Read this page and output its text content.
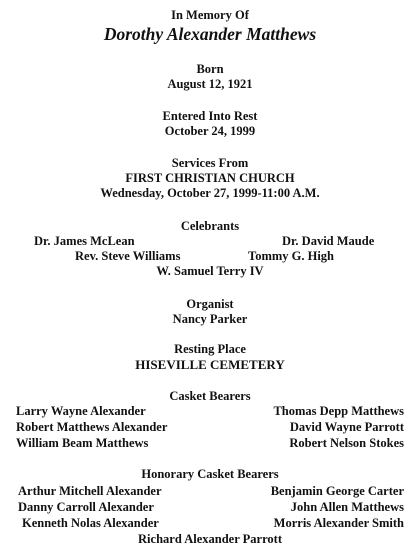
In Memory Of
Dorothy Alexander Matthews
Born
August 12, 1921
Entered Into Rest
October 24, 1999
Services From
FIRST CHRISTIAN CHURCH
Wednesday, October 27, 1999-11:00 A.M.
Celebrants
Dr. James McLean	Dr. David Maude
Rev. Steve Williams	Tommy G. High
W. Samuel Terry IV
Organist
Nancy Parker
Resting Place
HISEVILLE CEMETERY
Casket Bearers
Larry Wayne Alexander	Thomas Depp Matthews
Robert Matthews Alexander	David Wayne Parrott
William Beam Matthews	Robert Nelson Stokes
Honorary Casket Bearers
Arthur Mitchell Alexander	Benjamin George Carter
Danny Carroll Alexander	John Allen Matthews
Kenneth Nolas Alexander	Morris Alexander Smith
Richard Alexander Parrott
